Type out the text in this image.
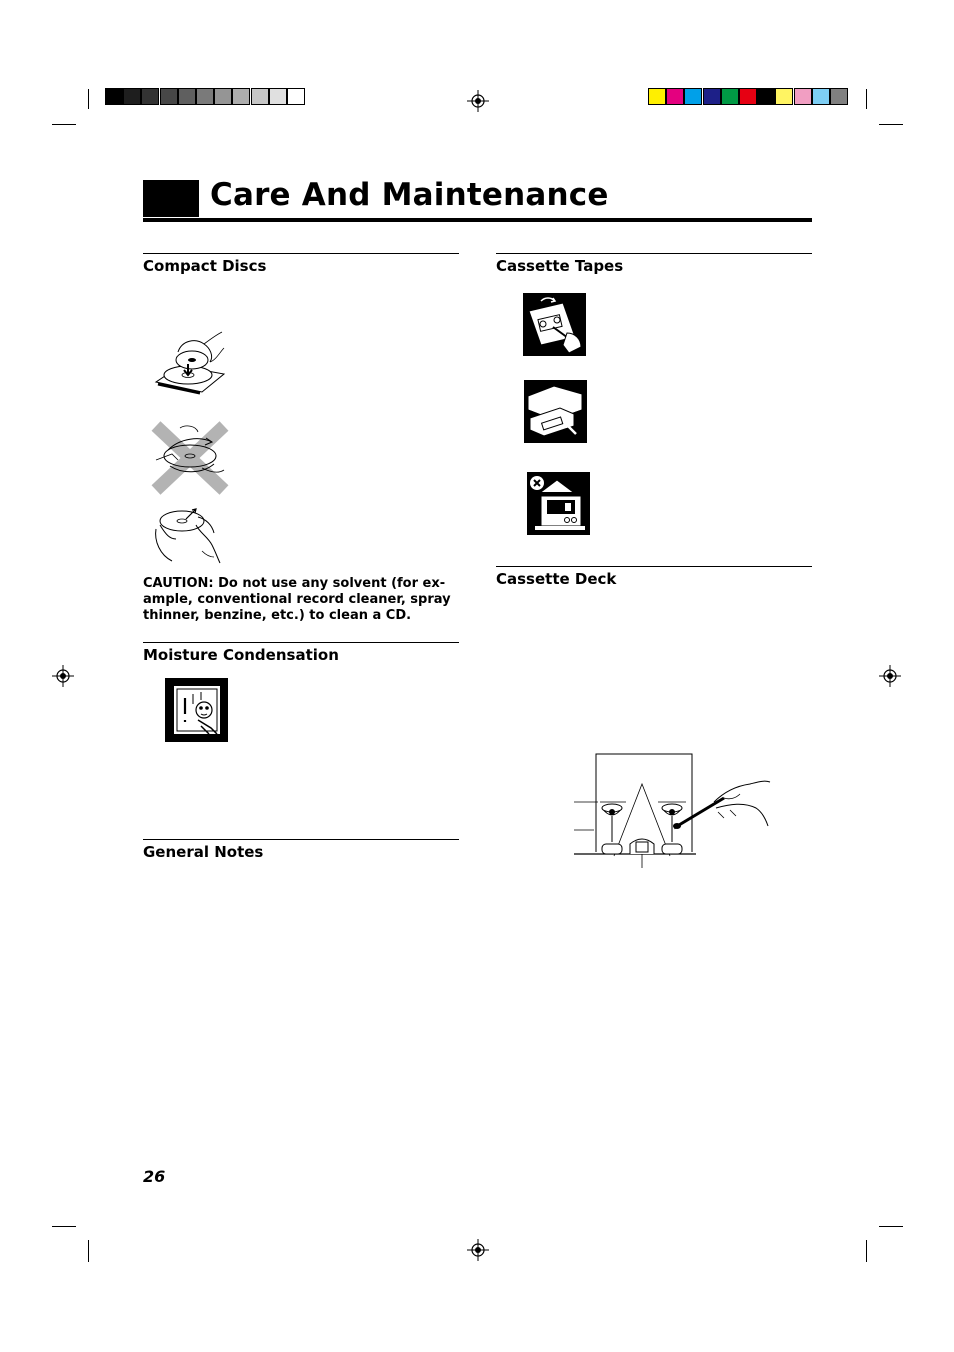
Care And Maintenance
Compact Discs
CAUTION: Do not use any solvent (for ex-
ample, conventional record cleaner, spray
thinner, benzine, etc.) to clean a CD.
Moisture Condensation
General Notes
Cassette Tapes
Cassette Deck
26
